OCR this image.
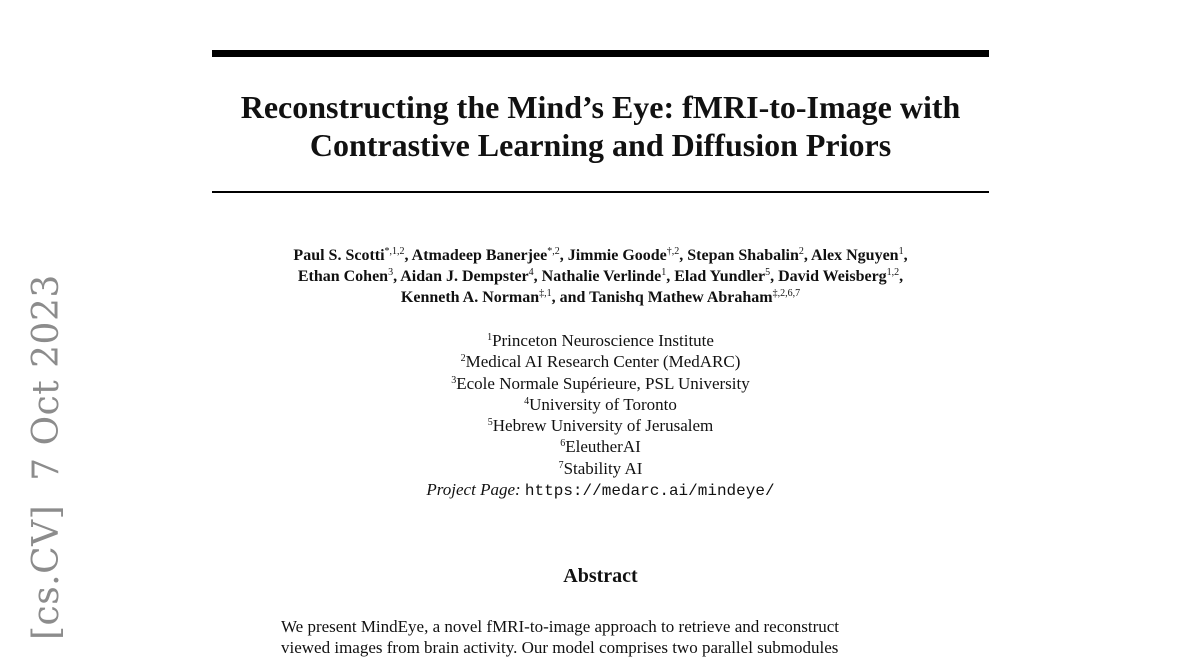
[cs.CV]7 Oct 2023
Reconstructing the Mind’s Eye: fMRI-to-Image with
Contrastive Learning and Diffusion Priors
Paul S. Scotti$^{*,1,2}$, Atmadeep Banerjee$^{*,2}$, Jimmie Goode$^{\dagger,2}$, Stepan Shabalin$^2$, Alex Nguyen$^1$,
Ethan Cohen$^3$, Aidan J. Dempster$^4$, Nathalie Verlinde$^1$, Elad Yundler$^5$, David Weisberg$^{1,2}$,
Kenneth A. Norman$^{\ddagger,1}$, and Tanishq Mathew Abraham$^{\ddagger,2,6,7}$
$^1$Princeton Neuroscience Institute
$^2$Medical AI Research Center (MedARC)
$^3$Ecole Normale Supérieure, PSL University
$^4$University of Toronto
$^5$Hebrew University of Jerusalem
$^6$EleutherAI
$^7$Stability AI
Project Page: https://medarc.ai/mindeye/
Abstract
We present MindEye, a novel fMRI-to-image approach to retrieve and reconstruct
viewed images from brain activity. Our model comprises two parallel submodules
